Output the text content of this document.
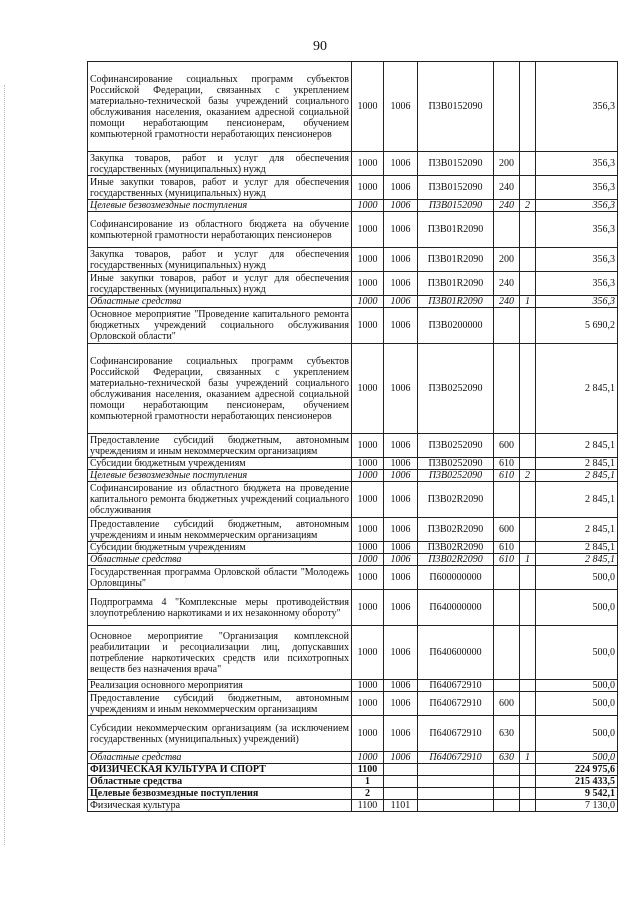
90
Софинансирование социальных программ субъектов Российской Федерации, связанных с укреплением материально-технической базы учреждений социального обслуживания населения, оказанием адресной социальной помощи неработающим пенсионерам, обучением компьютерной грамотности неработающих пенсионеров	1000	1006	П3В0152090			356,3
Закупка товаров, работ и услуг для обеспечения государственных (муниципальных) нужд	1000	1006	П3В0152090	200		356,3
Иные закупки товаров, работ и услуг для обеспечения государственных (муниципальных) нужд	1000	1006	П3В0152090	240		356,3
Целевые безвозмездные поступления	1000	1006	П3В0152090	240	2	356,3
Софинансирование из областного бюджета на обучение компьютерной грамотности неработающих пенсионеров	1000	1006	П3В01R2090			356,3
Закупка товаров, работ и услуг для обеспечения государственных (муниципальных) нужд	1000	1006	П3В01R2090	200		356,3
Иные закупки товаров, работ и услуг для обеспечения государственных (муниципальных) нужд	1000	1006	П3В01R2090	240		356,3
Областные средства	1000	1006	П3В01R2090	240	1	356,3
Основное мероприятие "Проведение капитального ремонта бюджетных учреждений социального обслуживания Орловской области"	1000	1006	П3В0200000			5 690,2
Софинансирование социальных программ субъектов Российской Федерации, связанных с укреплением материально-технической базы учреждений социального обслуживания населения, оказанием адресной социальной помощи неработающим пенсионерам, обучением компьютерной грамотности неработающих пенсионеров	1000	1006	П3В0252090			2 845,1
Предоставление субсидий бюджетным, автономным учреждениям и иным некоммерческим организациям	1000	1006	П3В0252090	600		2 845,1
Субсидии бюджетным учреждениям	1000	1006	П3В0252090	610		2 845,1
Целевые безвозмездные поступления	1000	1006	П3В0252090	610	2	2 845,1
Софинансирование из областного бюджета на проведение капитального ремонта бюджетных учреждений социального обслуживания	1000	1006	П3В02R2090			2 845,1
Предоставление субсидий бюджетным, автономным учреждениям и иным некоммерческим организациям	1000	1006	П3В02R2090	600		2 845,1
Субсидии бюджетным учреждениям	1000	1006	П3В02R2090	610		2 845,1
Областные средства	1000	1006	П3В02R2090	610	1	2 845,1
Государственная программа Орловской области "Молодежь Орловщины"	1000	1006	П600000000			500,0
Подпрограмма 4 "Комплексные меры противодействия злоупотреблению наркотиками и их незаконному обороту"	1000	1006	П640000000			500,0
Основное мероприятие "Организация комплексной реабилитации и ресоциализации лиц, допускавших потребление наркотических средств или психотропных веществ без назначения врача"	1000	1006	П640600000			500,0
Реализация основного мероприятия	1000	1006	П640672910			500,0
Предоставление субсидий бюджетным, автономным учреждениям и иным некоммерческим организациям	1000	1006	П640672910	600		500,0
Субсидии некоммерческим организациям (за исключением государственных (муниципальных) учреждений)	1000	1006	П640672910	630		500,0
Областные средства	1000	1006	П640672910	630	1	500,0
ФИЗИЧЕСКАЯ КУЛЬТУРА И СПОРТ	1100					224 975,6
Областные средства	1					215 433,5
Целевые безвозмездные поступления	2					9 542,1
Физическая культура	1100	1101				7 130,0
